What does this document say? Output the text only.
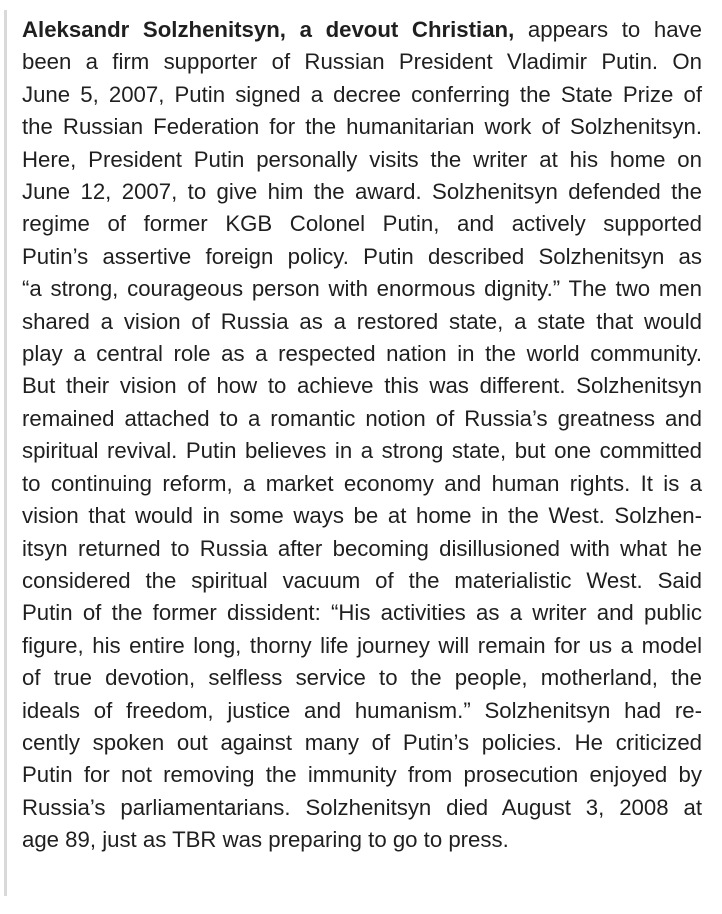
Aleksandr Solzhenitsyn, a devout Christian, appears to have
been a firm supporter of Russian President Vladimir Putin. On
June 5, 2007, Putin signed a decree conferring the State Prize of
the Russian Federation for the humanitarian work of Solzhenitsyn.
Here, President Putin personally visits the writer at his home on
June 12, 2007, to give him the award. Solzhenitsyn defended the
regime of former KGB Colonel Putin, and actively supported
Putin’s assertive foreign policy. Putin described Solzhenitsyn as
“a strong, courageous person with enormous dignity.” The two men
shared a vision of Russia as a restored state, a state that would
play a central role as a respected nation in the world community.
But their vision of how to achieve this was different. Solzhenitsyn
remained attached to a romantic notion of Russia’s greatness and
spiritual revival. Putin believes in a strong state, but one committed
to continuing reform, a market economy and human rights. It is a
vision that would in some ways be at home in the West. Solzhen-
itsyn returned to Russia after becoming disillusioned with what he
considered the spiritual vacuum of the materialistic West. Said
Putin of the former dissident: “His activities as a writer and public
figure, his entire long, thorny life journey will remain for us a model
of true devotion, selfless service to the people, motherland, the
ideals of freedom, justice and humanism.” Solzhenitsyn had re-
cently spoken out against many of Putin’s policies. He criticized
Putin for not removing the immunity from prosecution enjoyed by
Russia’s parliamentarians. Solzhenitsyn died August 3, 2008 at
age 89, just as TBR was preparing to go to press.
